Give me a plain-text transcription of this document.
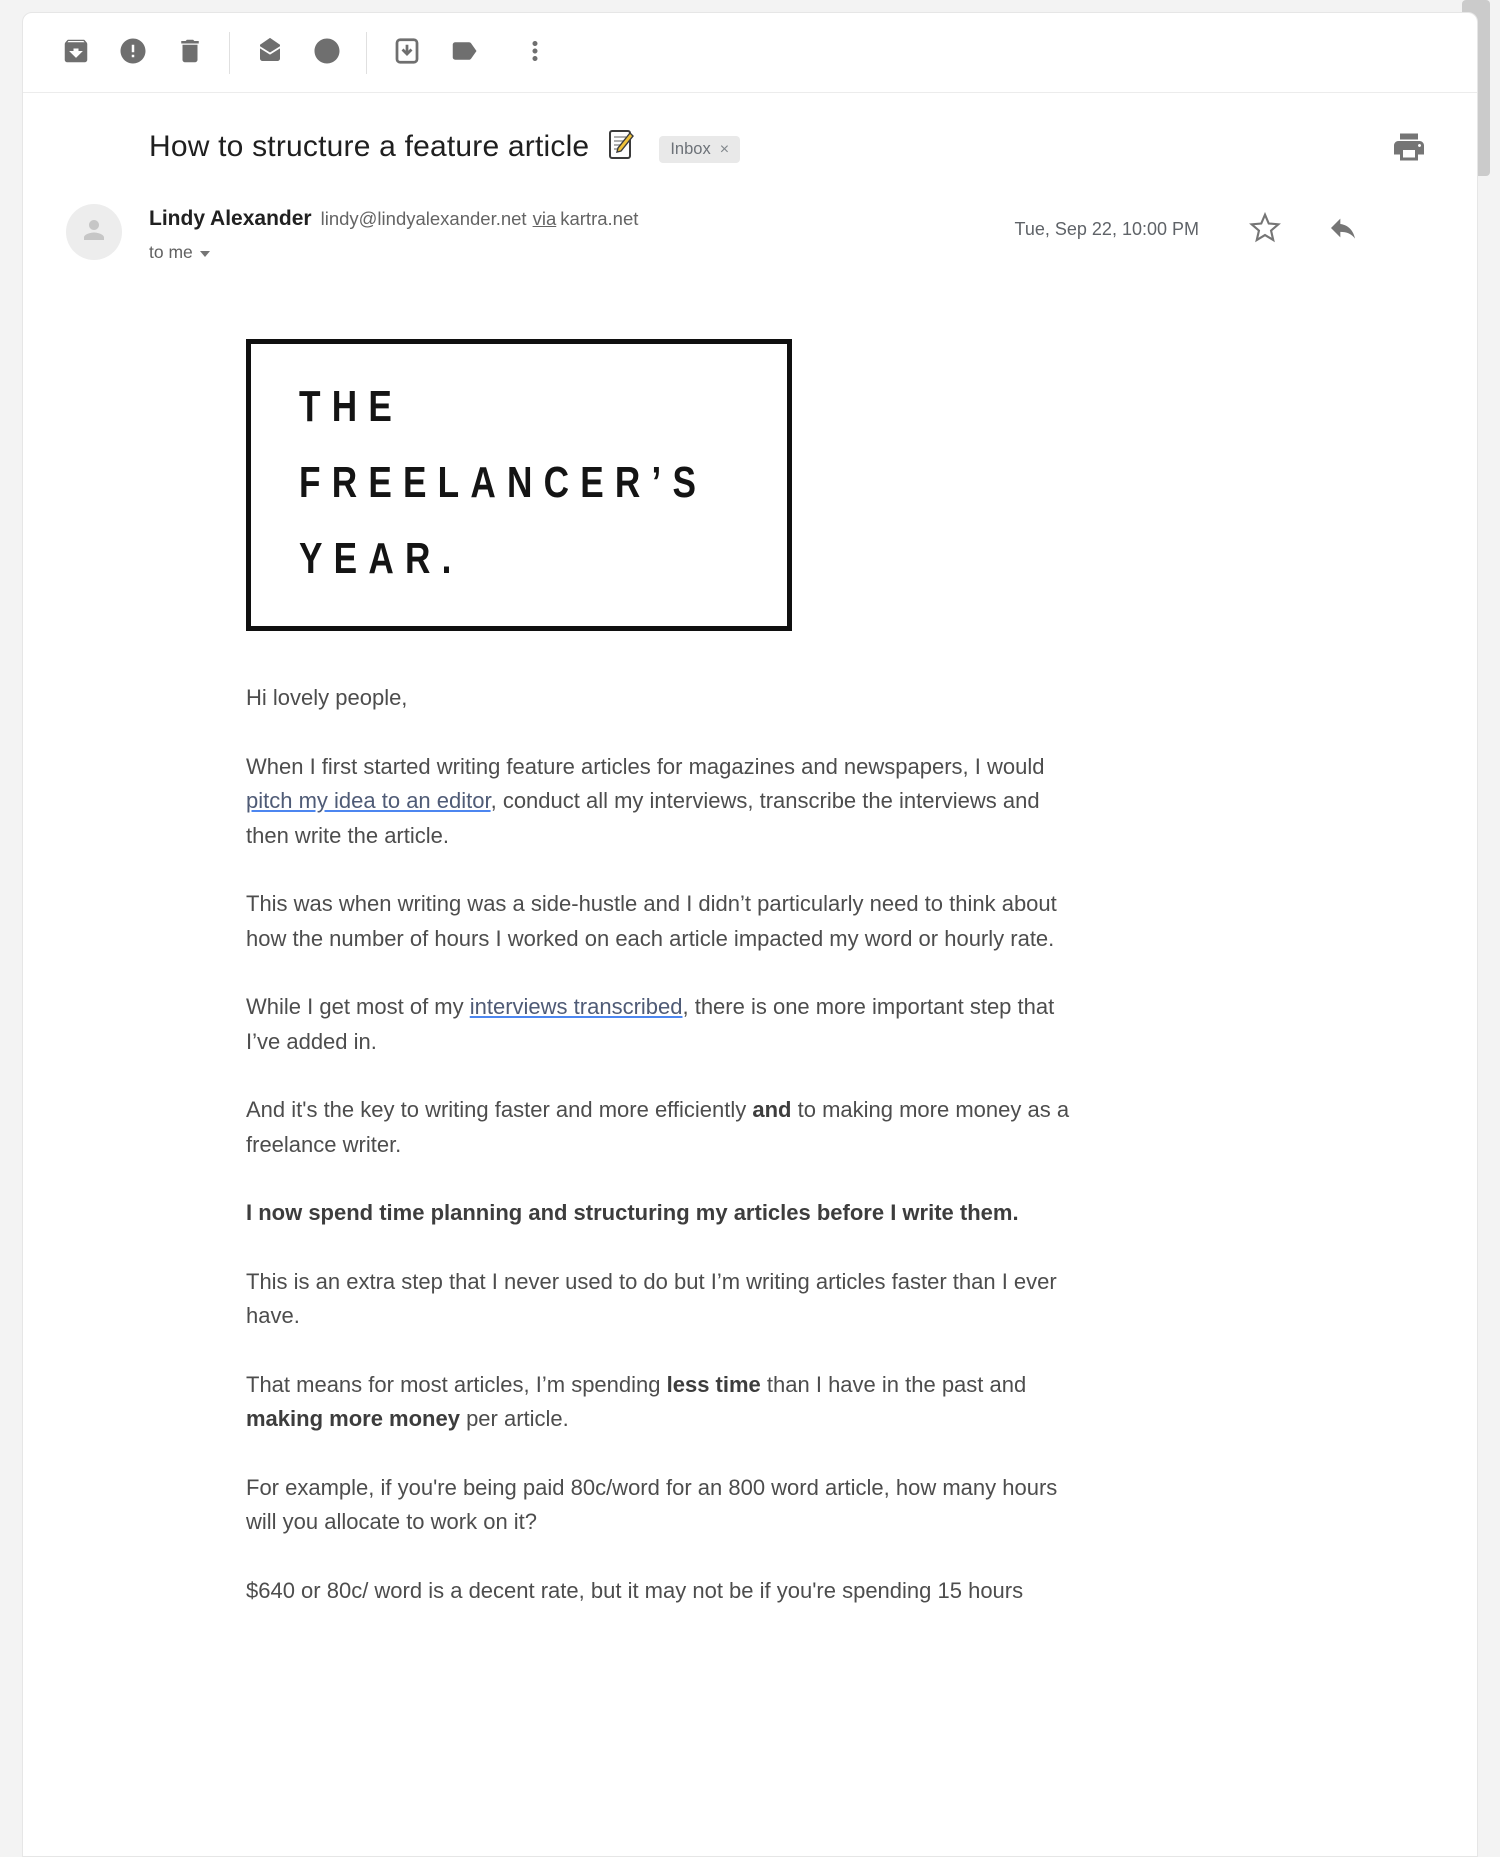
How to structure a feature article	Inbox ×
Lindy Alexander lindy@lindyalexander.net via kartra.net
to me
Tue, Sep 22, 10:00 PM
THE
FREELANCER’S
YEAR.

Hi lovely people,

When I first started writing feature articles for magazines and newspapers, I would
pitch my idea to an editor, conduct all my interviews, transcribe the interviews and
then write the article.

This was when writing was a side-hustle and I didn’t particularly need to think about
how the number of hours I worked on each article impacted my word or hourly rate.

While I get most of my interviews transcribed, there is one more important step that
I’ve added in.

And it's the key to writing faster and more efficiently and to making more money as a
freelance writer.

I now spend time planning and structuring my articles before I write them.

This is an extra step that I never used to do but I’m writing articles faster than I ever
have.

That means for most articles, I’m spending less time than I have in the past and
making more money per article.

For example, if you're being paid 80c/word for an 800 word article, how many hours
will you allocate to work on it?

$640 or 80c/ word is a decent rate, but it may not be if you're spending 15 hours
